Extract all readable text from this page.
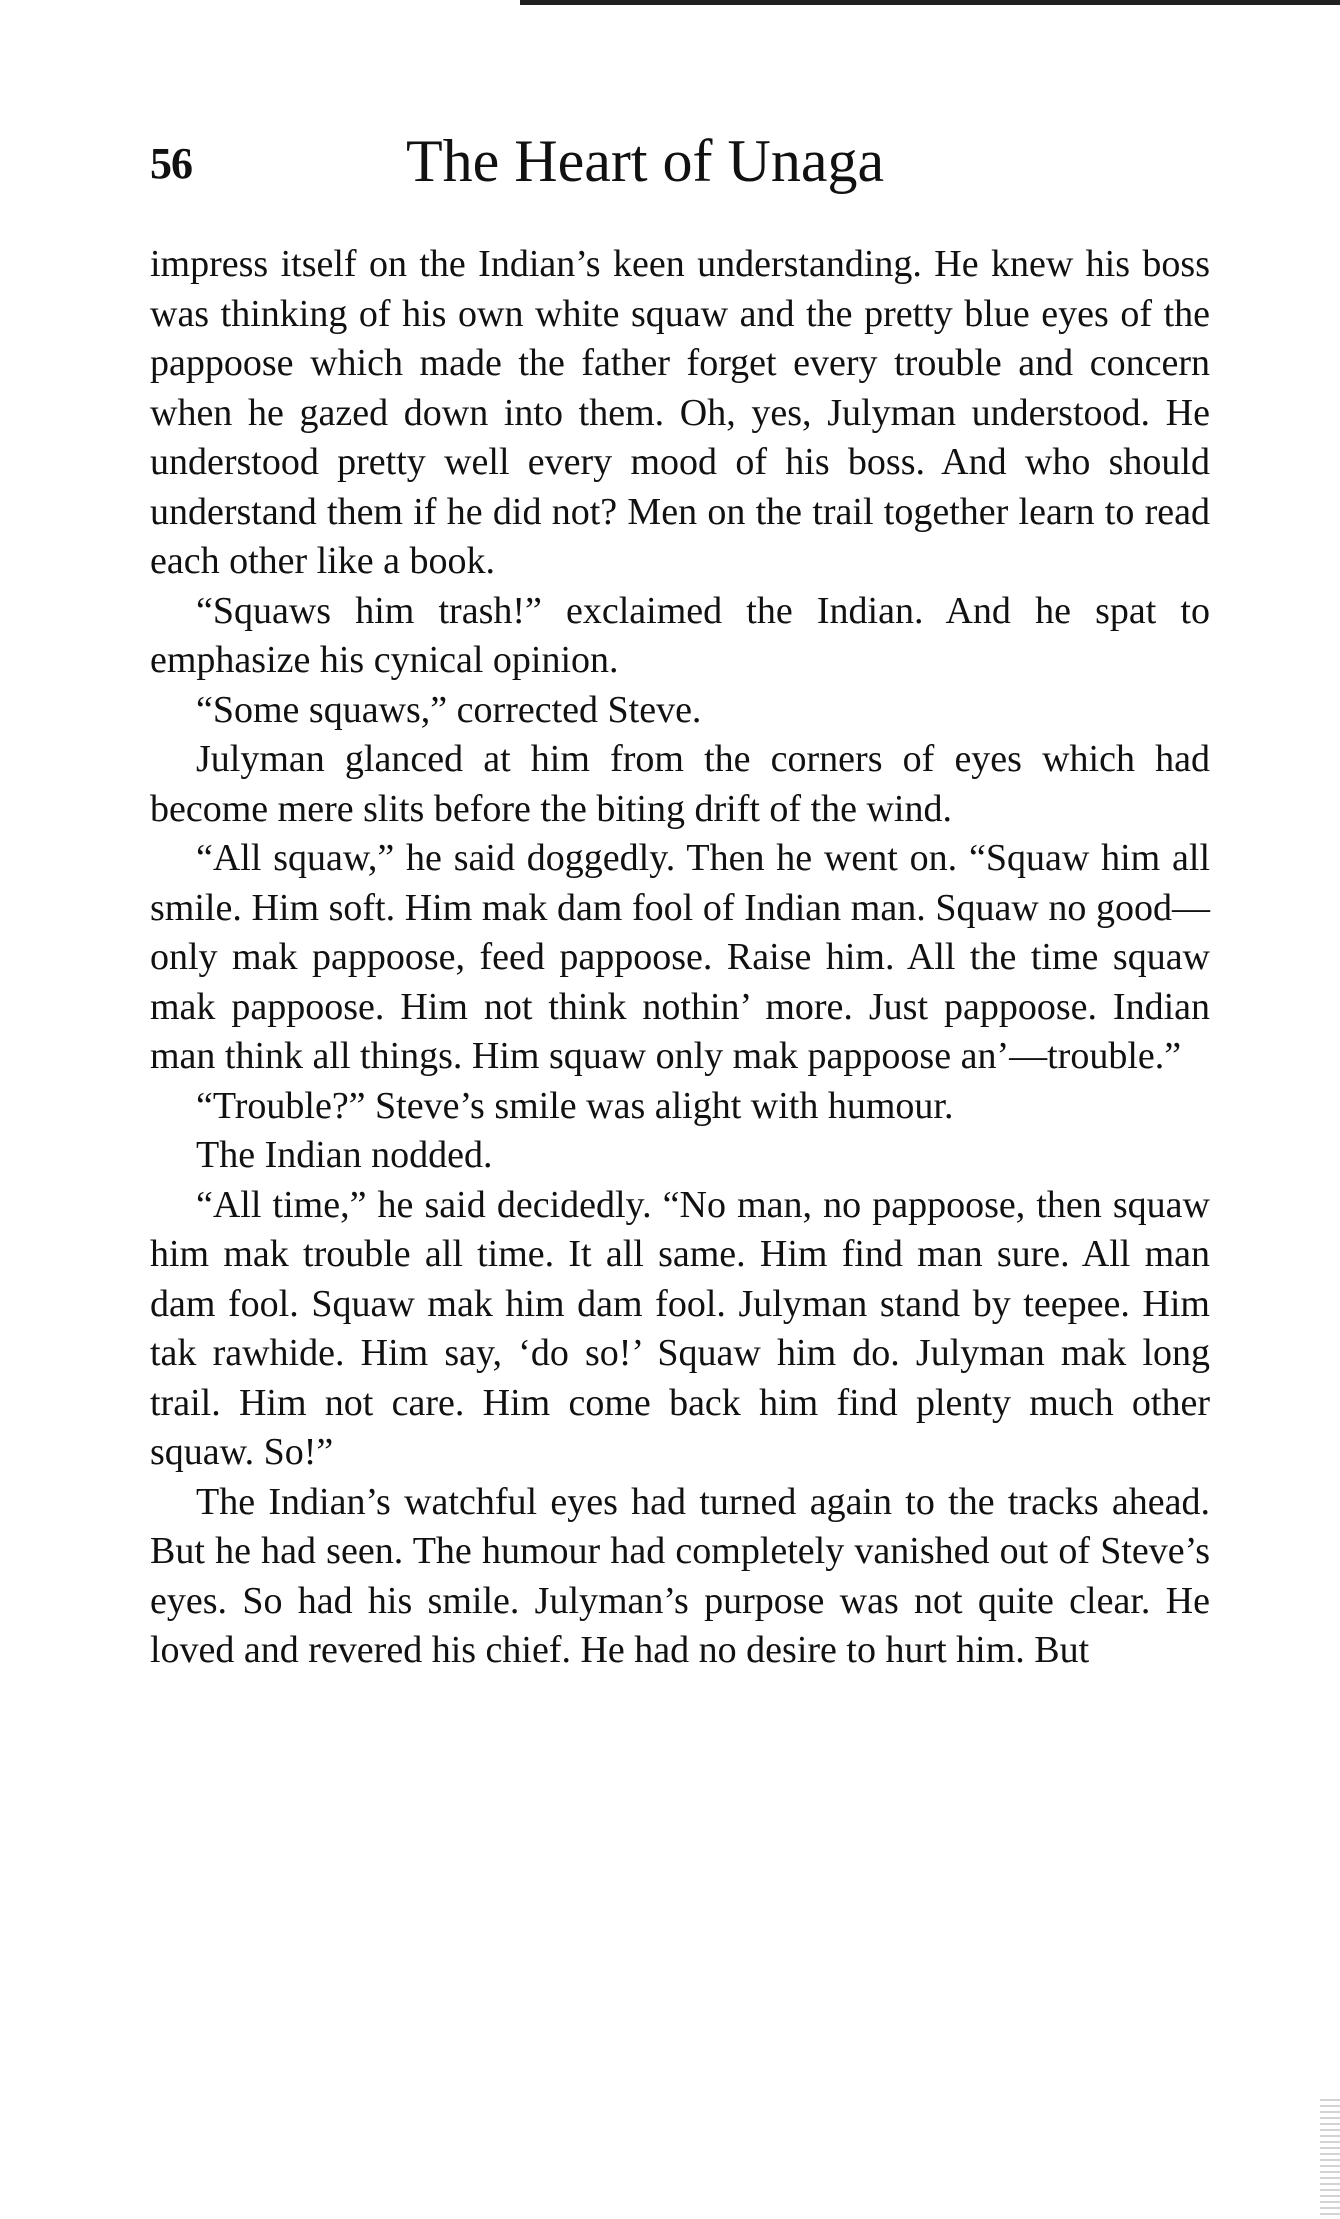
56	The Heart of Unaga

impress itself on the Indian’s keen understanding. He knew his boss was thinking of his own white squaw and the pretty blue eyes of the pappoose which made the father forget every trouble and concern when he gazed down into them. Oh, yes, Julyman understood. He understood pretty well every mood of his boss. And who should understand them if he did not? Men on the trail together learn to read each other like a book.

“Squaws him trash!” exclaimed the Indian. And he spat to emphasize his cynical opinion.

“Some squaws,” corrected Steve.

Julyman glanced at him from the corners of eyes which had become mere slits before the biting drift of the wind.

“All squaw,” he said doggedly. Then he went on. “Squaw him all smile. Him soft. Him mak dam fool of Indian man. Squaw no good—only mak pappoose, feed pappoose. Raise him. All the time squaw mak pappoose. Him not think nothin’ more. Just pappoose. Indian man think all things. Him squaw only mak pappoose an’—trouble.”

“Trouble?” Steve’s smile was alight with humour.

The Indian nodded.

“All time,” he said decidedly. “No man, no pappoose, then squaw him mak trouble all time. It all same. Him find man sure. All man dam fool. Squaw mak him dam fool. Julyman stand by teepee. Him tak rawhide. Him say, ‘do so!’ Squaw him do. Julyman mak long trail. Him not care. Him come back him find plenty much other squaw. So!”

The Indian’s watchful eyes had turned again to the tracks ahead. But he had seen. The humour had completely vanished out of Steve’s eyes. So had his smile. Julyman’s purpose was not quite clear. He loved and revered his chief. He had no desire to hurt him. But
